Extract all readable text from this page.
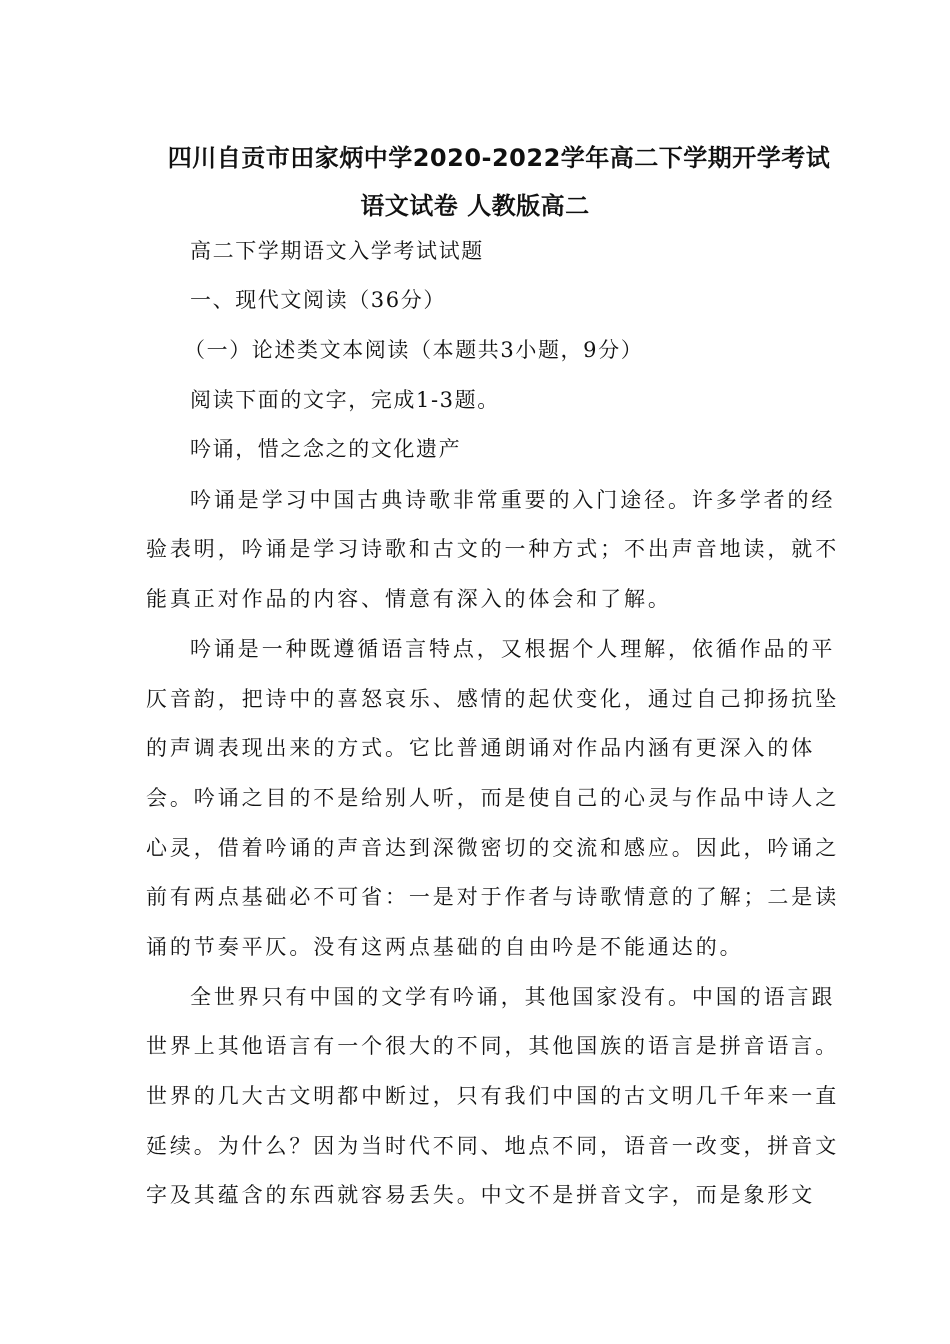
四川自贡市田家炳中学2020-2022学年高二下学期开学考试
语文试卷 人教版高二
高二下学期语文入学考试试题
一、现代文阅读（36分）
（一）论述类文本阅读（本题共3小题，9分）
阅读下面的文字，完成1-3题。
吟诵，惜之念之的文化遗产
吟诵是学习中国古典诗歌非常重要的入门途径。许多学者的经
验表明，吟诵是学习诗歌和古文的一种方式；不出声音地读，就不
能真正对作品的内容、情意有深入的体会和了解。
吟诵是一种既遵循语言特点，又根据个人理解，依循作品的平
仄音韵，把诗中的喜怒哀乐、感情的起伏变化，通过自己抑扬抗坠
的声调表现出来的方式。它比普通朗诵对作品内涵有更深入的体
会。吟诵之目的不是给别人听，而是使自己的心灵与作品中诗人之
心灵，借着吟诵的声音达到深微密切的交流和感应。因此，吟诵之
前有两点基础必不可省：一是对于作者与诗歌情意的了解；二是读
诵的节奏平仄。没有这两点基础的自由吟是不能通达的。
全世界只有中国的文学有吟诵，其他国家没有。中国的语言跟
世界上其他语言有一个很大的不同，其他国族的语言是拼音语言。
世界的几大古文明都中断过，只有我们中国的古文明几千年来一直
延续。为什么？因为当时代不同、地点不同，语音一改变，拼音文
字及其蕴含的东西就容易丢失。中文不是拼音文字，而是象形文
